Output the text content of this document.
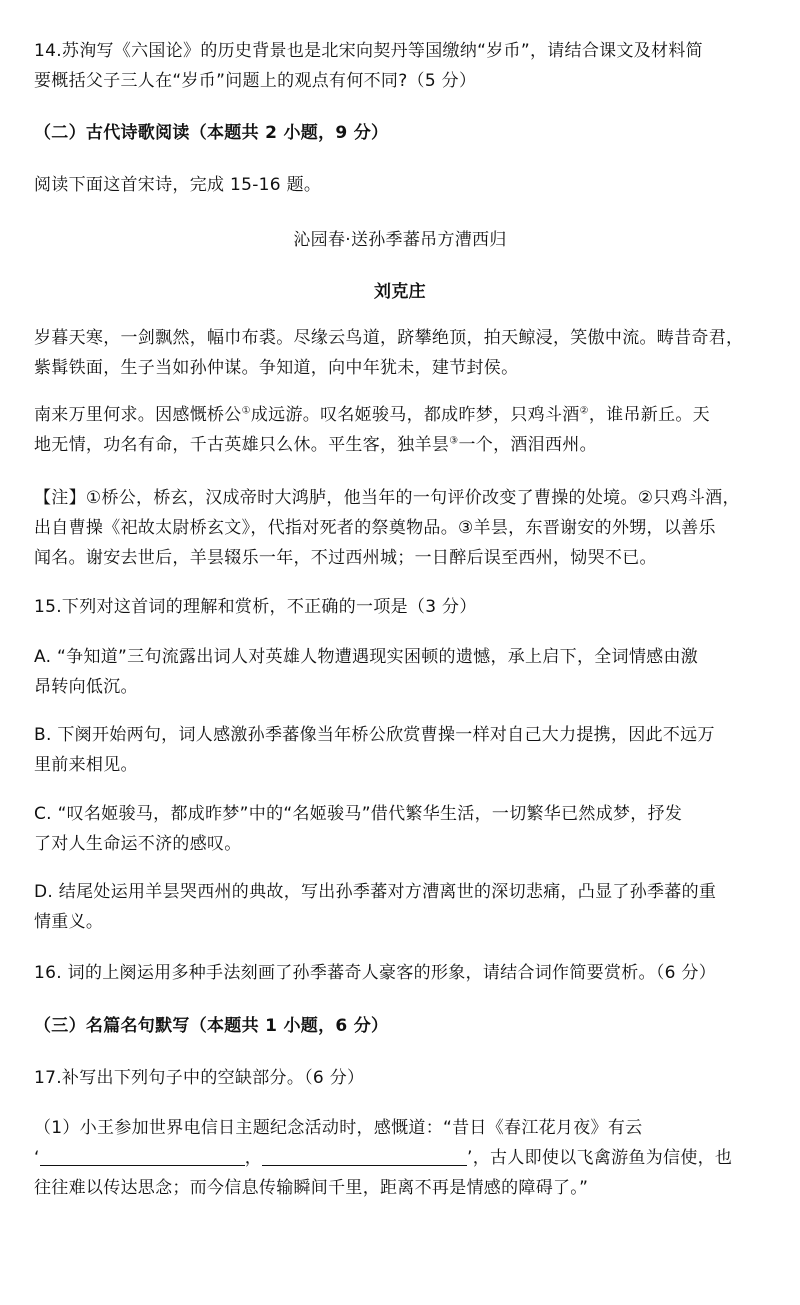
14.苏洵写《六国论》的历史背景也是北宋向契丹等国缴纳“岁币”，请结合课文及材料简
要概括父子三人在“岁币”问题上的观点有何不同?（5 分）
（二）古代诗歌阅读（本题共 2 小题，9 分）
阅读下面这首宋诗，完成 15-16 题。
沁园春·送孙季蕃吊方漕西归
刘克庄
岁暮天寒，一剑飘然，幅巾布裘。尽缘云鸟道，跻攀绝顶，拍天鲸浸，笑傲中流。畴昔奇君，
紫髯铁面，生子当如孙仲谋。争知道，向中年犹未，建节封侯。
南来万里何求。因感慨桥公①成远游。叹名姬骏马，都成昨梦，只鸡斗酒②，谁吊新丘。天
地无情，功名有命，千古英雄只么休。平生客，独羊昙③一个，酒泪西州。
【注】①桥公，桥玄，汉成帝时大鸿胪，他当年的一句评价改变了曹操的处境。②只鸡斗酒，
出自曹操《祀故太尉桥玄文》，代指对死者的祭奠物品。③羊昙，东晋谢安的外甥，以善乐
闻名。谢安去世后，羊昙辍乐一年，不过西州城；一日醉后误至西州，恸哭不已。
15.下列对这首词的理解和赏析，不正确的一项是（3 分）
A. “争知道”三句流露出词人对英雄人物遭遇现实困顿的遗憾，承上启下，全词情感由激
昂转向低沉。
B. 下阕开始两句，词人感激孙季蕃像当年桥公欣赏曹操一样对自己大力提携，因此不远万
里前来相见。
C. “叹名姬骏马，都成昨梦”中的“名姬骏马”借代繁华生活，一切繁华已然成梦，抒发
了对人生命运不济的感叹。
D. 结尾处运用羊昙哭西州的典故，写出孙季蕃对方漕离世的深切悲痛，凸显了孙季蕃的重
情重义。
16. 词的上阕运用多种手法刻画了孙季蕃奇人豪客的形象，请结合词作简要赏析。（6 分）
（三）名篇名句默写（本题共 1 小题，6 分）
17.补写出下列句子中的空缺部分。（6 分）
（1）小王参加世界电信日主题纪念活动时，感慨道：“昔日《春江花月夜》有云
‘	，	’，古人即使以飞禽游鱼为信使，也
往往难以传达思念；而今信息传输瞬间千里，距离不再是情感的障碍了。”
